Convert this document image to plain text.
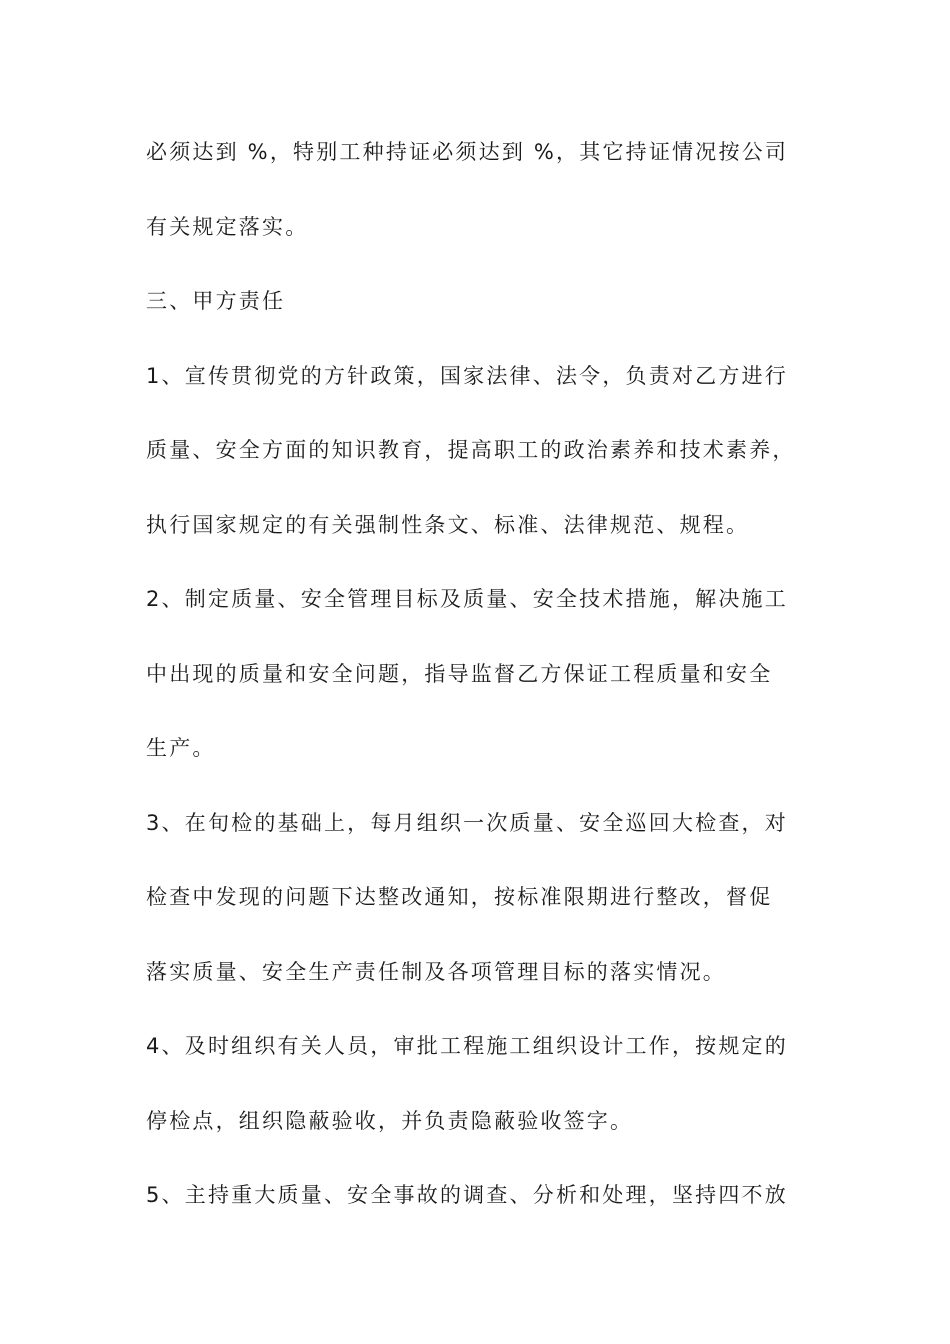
必须达到 %，特别工种持证必须达到 %，其它持证情况按公司
有关规定落实。
三、甲方责任
1、宣传贯彻党的方针政策，国家法律、法令，负责对乙方进行
质量、安全方面的知识教育，提高职工的政治素养和技术素养，
执行国家规定的有关强制性条文、标准、法律规范、规程。
2、制定质量、安全管理目标及质量、安全技术措施，解决施工
中出现的质量和安全问题，指导监督乙方保证工程质量和安全
生产。
3、在旬检的基础上，每月组织一次质量、安全巡回大检查，对
检查中发现的问题下达整改通知，按标准限期进行整改，督促
落实质量、安全生产责任制及各项管理目标的落实情况。
4、及时组织有关人员，审批工程施工组织设计工作，按规定的
停检点，组织隐蔽验收，并负责隐蔽验收签字。
5、主持重大质量、安全事故的调查、分析和处理，坚持四不放
